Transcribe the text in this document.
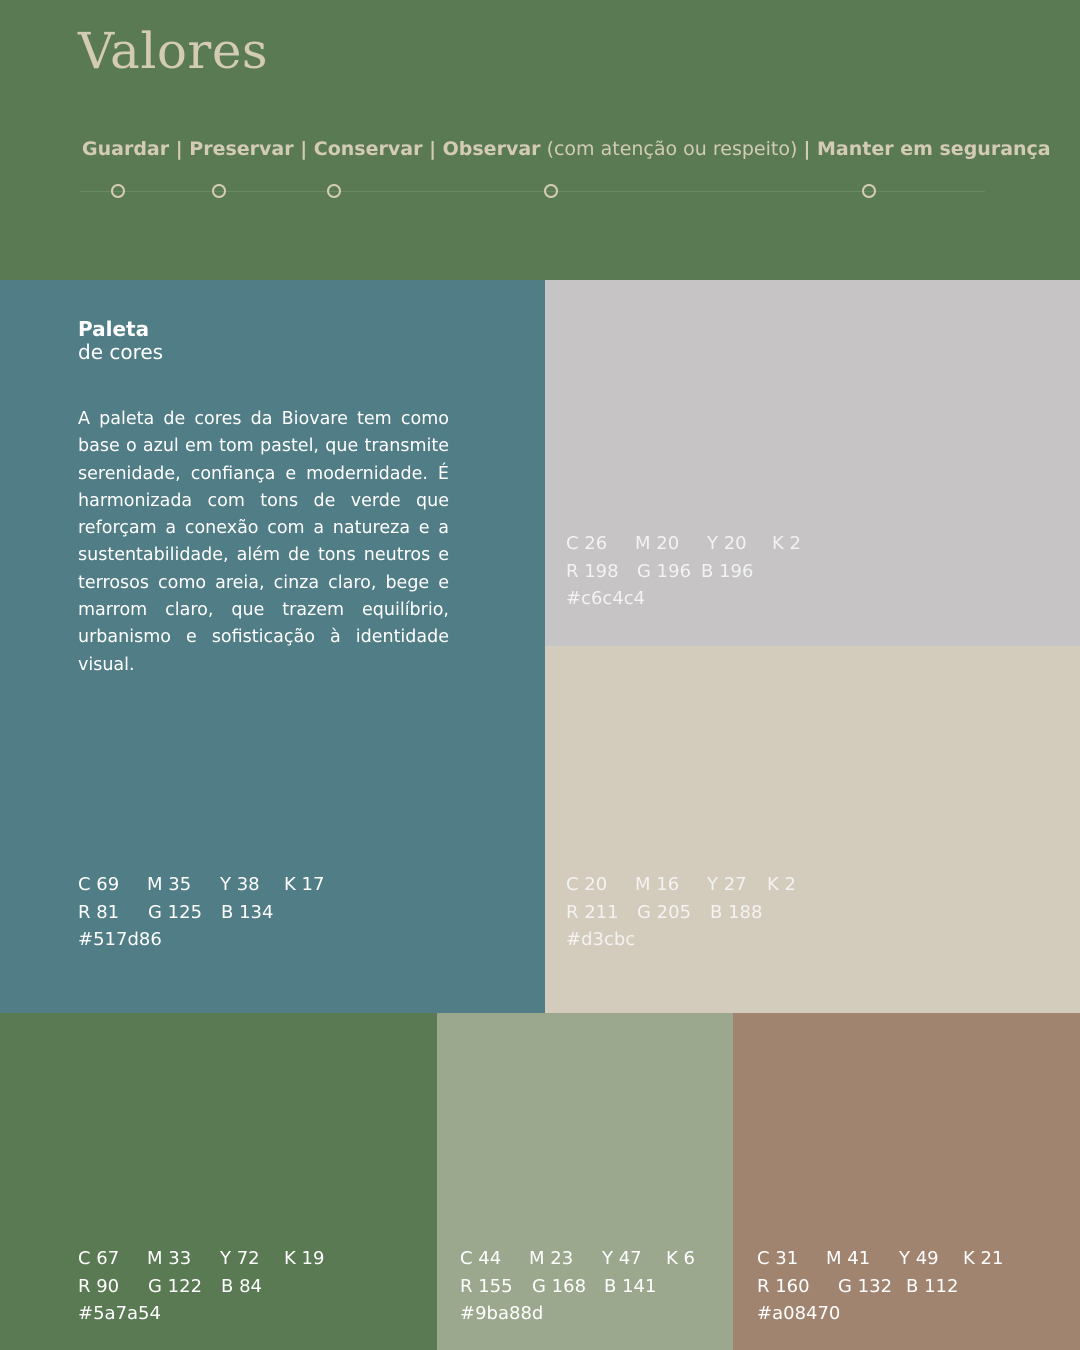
Valores
Guardar | Preservar | Conservar | Observar (com atenção ou respeito) | Manter em segurança
Paleta
de cores

A paleta de cores da Biovare tem como base o azul em tom pastel, que transmite serenidade, confiança e modernidade. É harmonizada com tons de verde que reforçam a conexão com a natureza e a sustentabilidade, além de tons neutros e terrosos como areia, cinza claro, bege e marrom claro, que trazem equilíbrio, urbanismo e sofisticação à identidade visual.

C 69	M 35	Y 38	K 17
R 81	G 125	B 134
#517d86
C 26	M 20	Y 20	K 2
R 198	G 196 B 196
#c6c4c4
C 20	M 16	Y 27	K 2
R 211	G 205	B 188
#d3cbc
C 67	M 33	Y 72	K 19
R 90	G 122	B 84
#5a7a54
C 44	M 23	Y 47	K 6
R 155	G 168 B 141
#9ba88d
C 31	M 41	Y 49	K 21
R 160	G 132 B 112
#a08470
